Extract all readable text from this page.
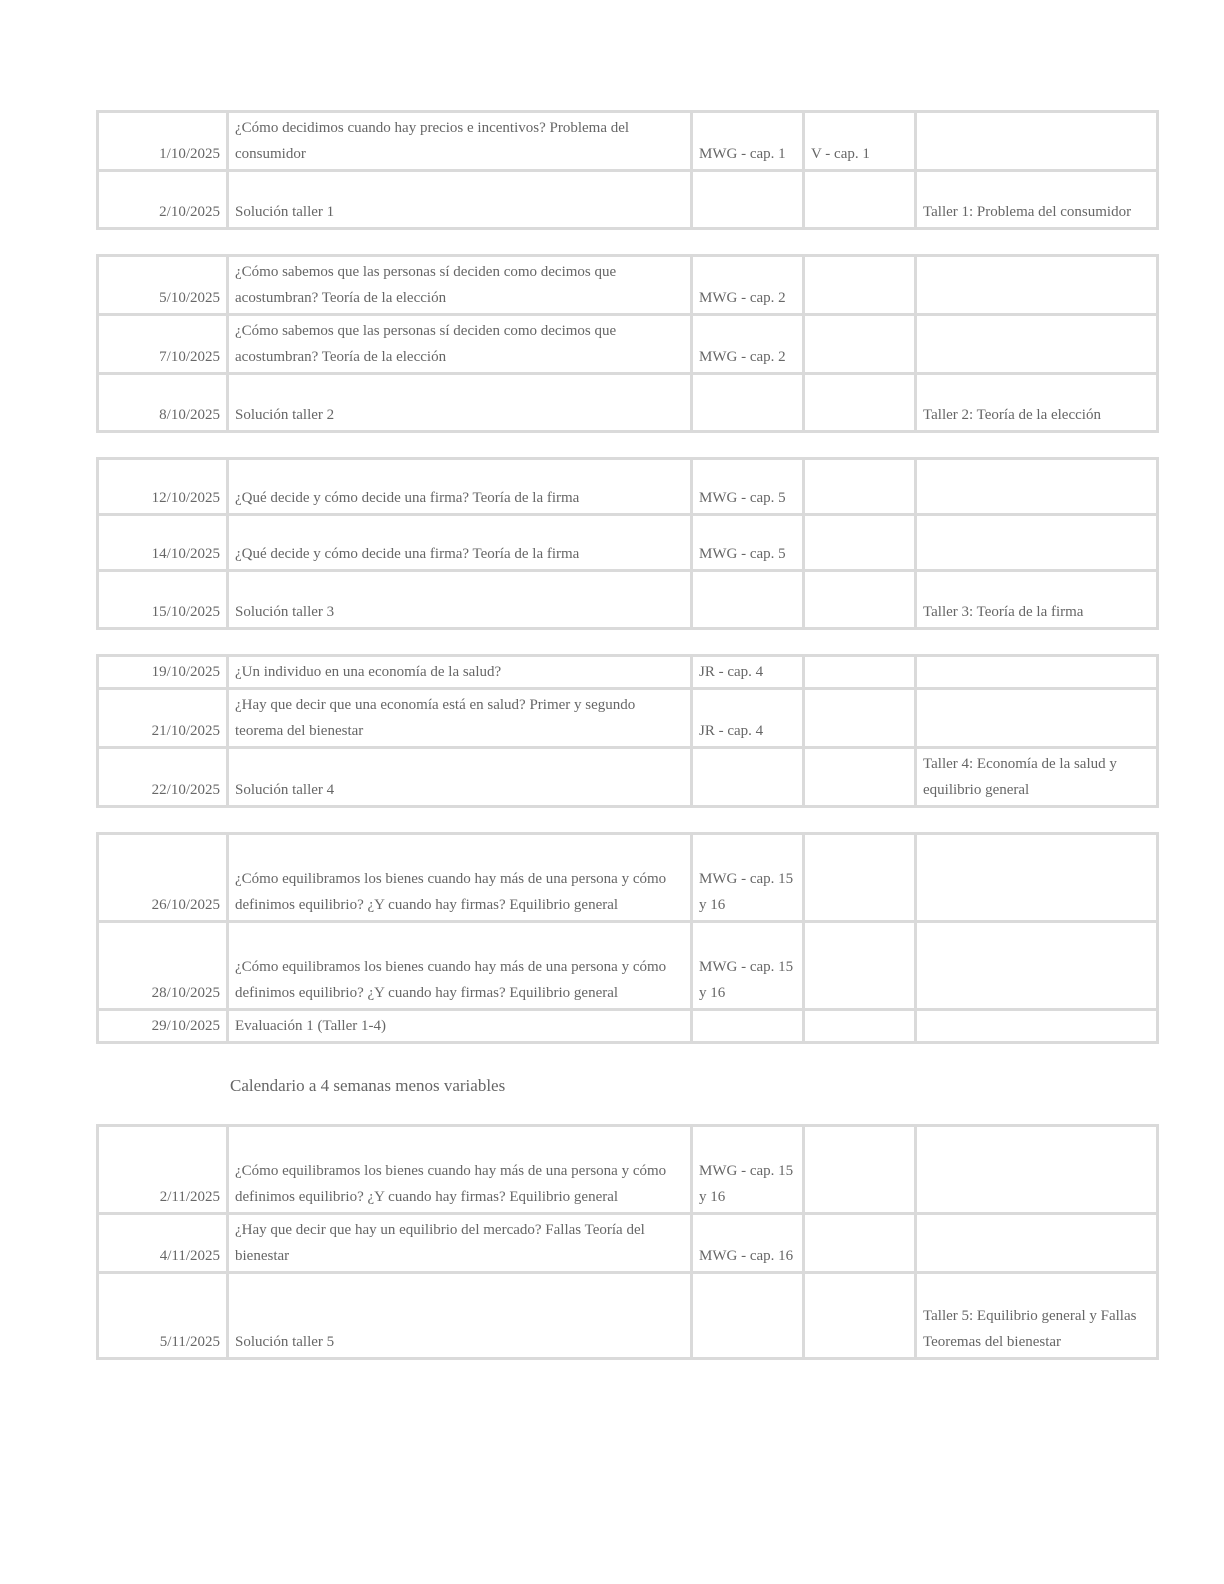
1/10/2025	¿Cómo decidimos cuando hay precios e incentivos? Problema del consumidor	MWG - cap. 1	V - cap. 1	
2/10/2025	Solución taller 1			Taller 1: Problema del consumidor
5/10/2025	¿Cómo sabemos que las personas sí deciden como decimos que acostumbran? Teoría de la elección	MWG - cap. 2		
7/10/2025	¿Cómo sabemos que las personas sí deciden como decimos que acostumbran? Teoría de la elección	MWG - cap. 2		
8/10/2025	Solución taller 2			Taller 2: Teoría de la elección
12/10/2025	¿Qué decide y cómo decide una firma? Teoría de la firma	MWG - cap. 5		
14/10/2025	¿Qué decide y cómo decide una firma? Teoría de la firma	MWG - cap. 5		
15/10/2025	Solución taller 3			Taller 3: Teoría de la firma
19/10/2025	¿Un individuo en una economía de la salud?	JR - cap. 4		
21/10/2025	¿Hay que decir que una economía está en salud? Primer y segundo teorema del bienestar	JR - cap. 4		
22/10/2025	Solución taller 4			Taller 4: Economía de la salud y equilibrio general
26/10/2025	¿Cómo equilibramos los bienes cuando hay más de una persona y cómo definimos equilibrio? ¿Y cuando hay firmas? Equilibrio general	MWG - cap. 15 y 16		
28/10/2025	¿Cómo equilibramos los bienes cuando hay más de una persona y cómo definimos equilibrio? ¿Y cuando hay firmas? Equilibrio general	MWG - cap. 15 y 16		
29/10/2025	Evaluación 1 (Taller 1-4)			
Calendario a 4 semanas menos variables
2/11/2025	¿Cómo equilibramos los bienes cuando hay más de una persona y cómo definimos equilibrio? ¿Y cuando hay firmas? Equilibrio general	MWG - cap. 15 y 16		
4/11/2025	¿Hay que decir que hay un equilibrio del mercado? Fallas Teoría del bienestar	MWG - cap. 16		
5/11/2025	Solución taller 5			Taller 5: Equilibrio general y Fallas Teoremas del bienestar
